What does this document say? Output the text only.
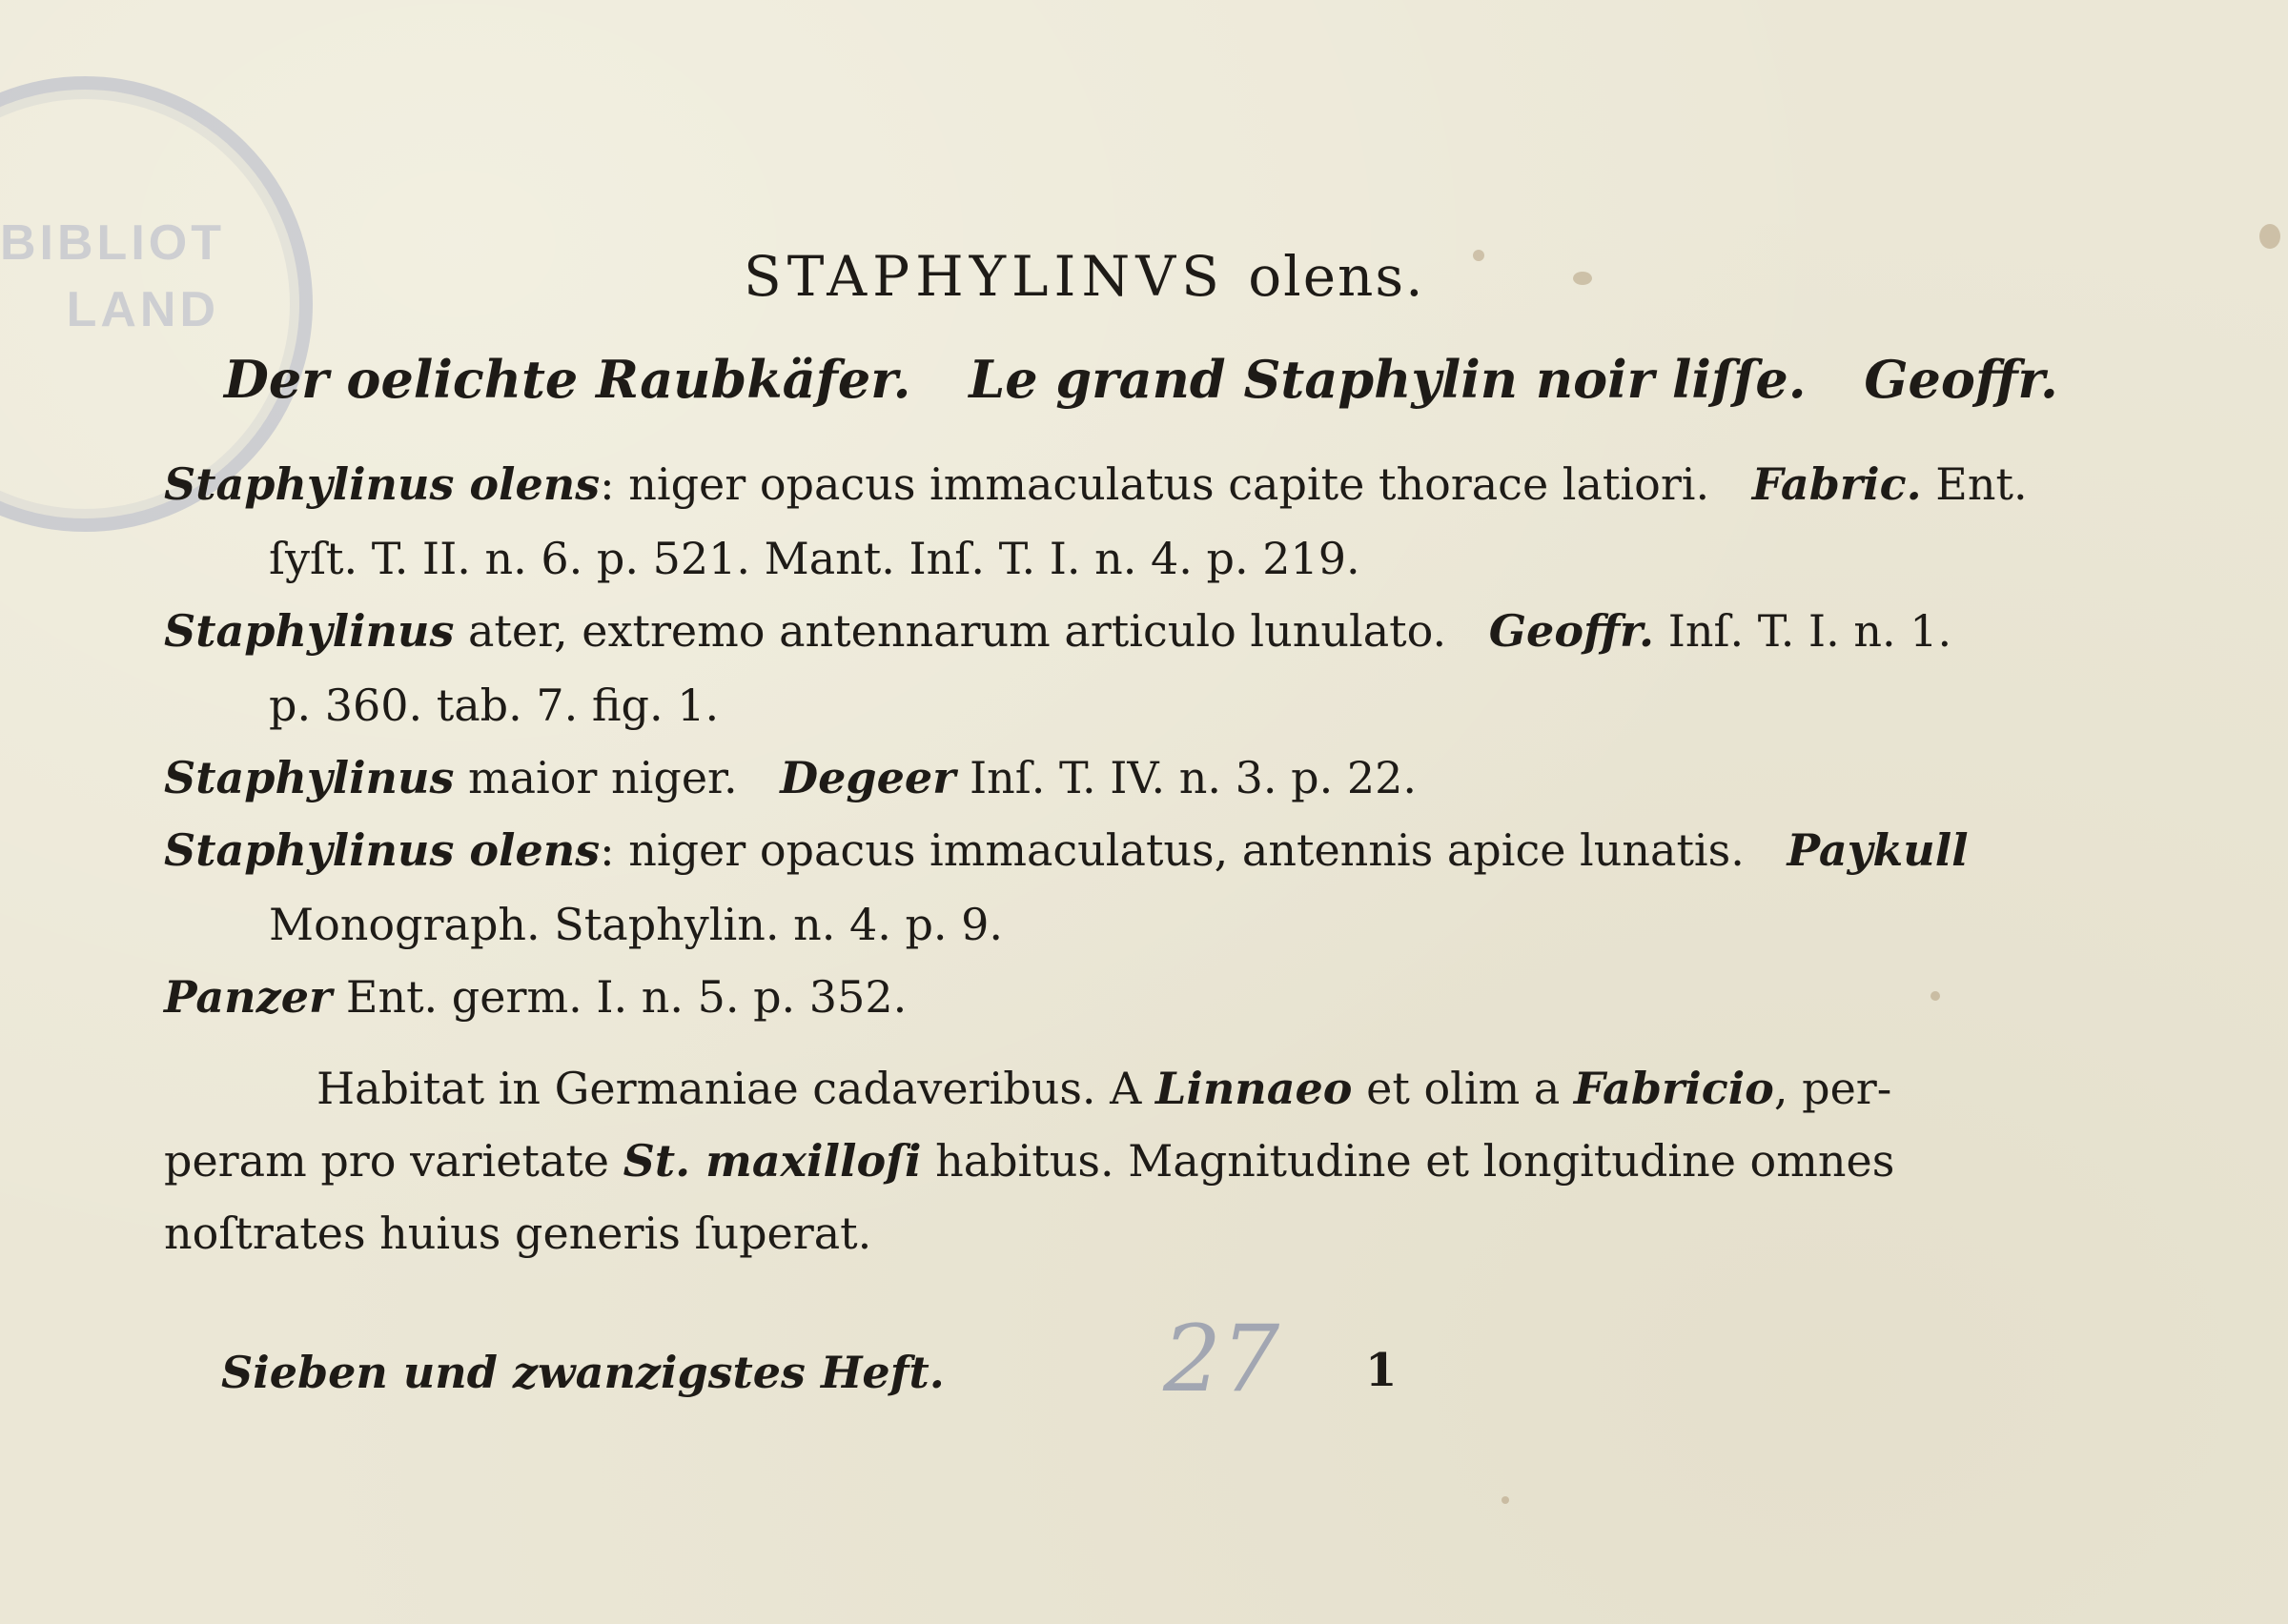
BIBLIOT
LAND
STAPHYLINVS olens.
Der oelichte Raubkäfer. Le grand Staphylin noir liſſe. Geoffr.
Staphylinus olens: niger opacus immaculatus capite thorace latiori. Fabric. Ent.
ſyſt. T. II. n. 6. p. 521. Mant. Inſ. T. I. n. 4. p. 219.
Staphylinus ater, extremo antennarum articulo lunulato. Geoffr. Inſ. T. I. n. 1.
p. 360. tab. 7. fig. 1.
Staphylinus maior niger. Degeer Inſ. T. IV. n. 3. p. 22.
Staphylinus olens: niger opacus immaculatus, antennis apice lunatis. Paykull
Monograph. Staphylin. n. 4. p. 9.
Panzer Ent. germ. I. n. 5. p. 352.
Habitat in Germaniae cadaveribus. A Linnaeo et olim a Fabricio, per-
peram pro varietate St. maxilloſi habitus. Magnitudine et longitudine omnes
noſtrates huius generis ſuperat.
Sieben und zwanzigstes Heft. 27 1
